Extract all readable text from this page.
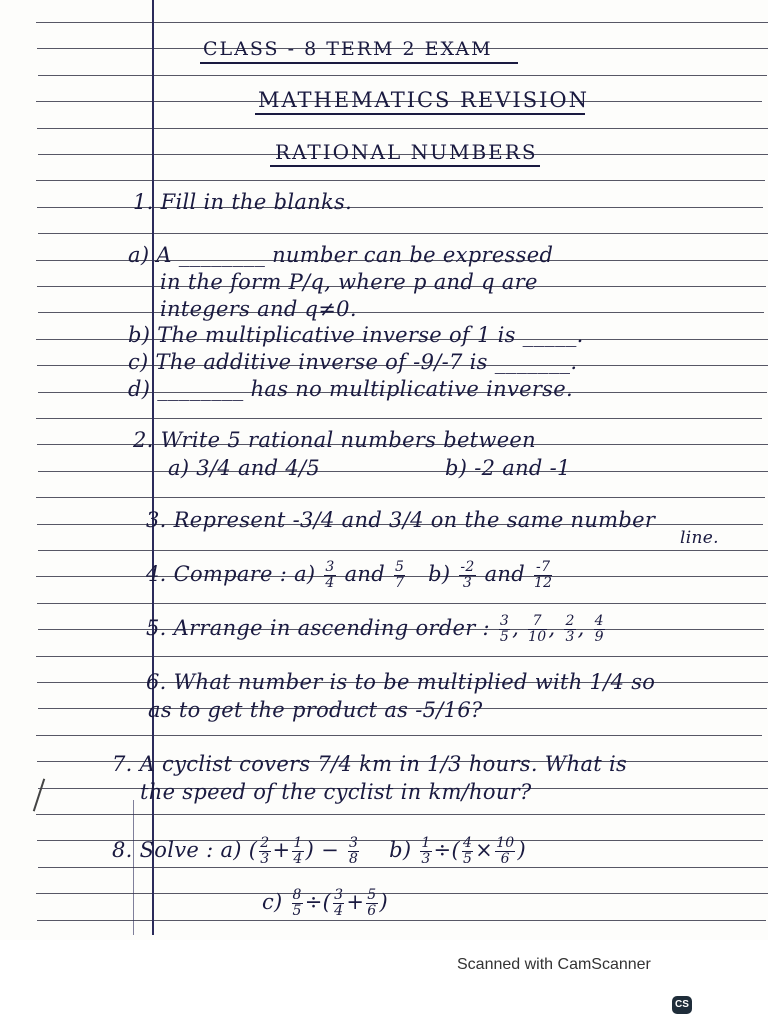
CLASS - 8 TERM 2 EXAM
MATHEMATICS REVISION
RATIONAL NUMBERS
1. Fill in the blanks.
a) A ________ number can be expressed
in the form P/q, where p and q are
integers and q≠0.
b) The multiplicative inverse of 1 is _____.
c) The additive inverse of -9/-7 is _______.
d) ________ has no multiplicative inverse.
2. Write 5 rational numbers between
a) 3/4 and 4/5	b) -2 and -1
3. Represent -3/4 and 3/4 on the same number
line.
4. Compare : $a) \frac{3}{4}$ and $\frac{5}{7} b) \frac{-2}{3}$ and $\frac{-7}{12}$
5. Arrange in ascending order : $\frac{3}{5}$ , $\frac{7}{10}$ , $\frac{2}{3}$ , $\frac{4}{9}$
6. What number is to be multiplied with 1/4 so
as to get the product as -5/16?
7. A cyclist covers 7/4 km in 1/3 hours. What is
the speed of the cyclist in km/hour?
8. Solve : a) ( $\frac{2}{3} + \frac{1}{4}$ ) − $\frac{3}{8} b) \frac{1}{3}$ ÷( $\frac{4}{5} \times \frac{10}{6}$ )
$c) \frac{8}{5}$ ÷( $\frac{3}{4} + \frac{5}{6}$ )
Scanned with CamScanner
CS
